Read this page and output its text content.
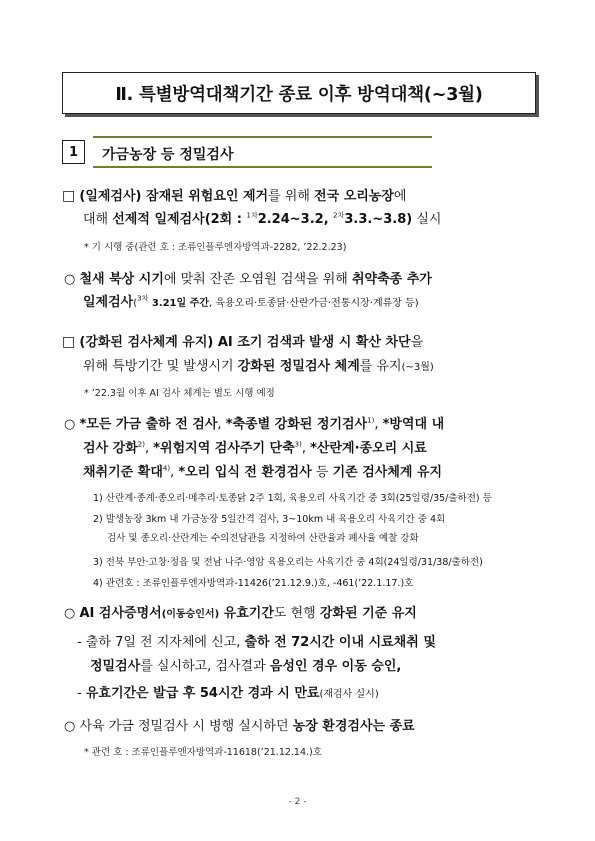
Ⅱ. 특별방역대책기간 종료 이후 방역대책(~3월)
1	가금농장 등 정밀검사
□ (일제검사) 잠재된 위험요인 제거를 위해 전국 오리농장에
대해 선제적 일제검사(2회 : $^{1차}$2.24~3.2, $^{2차}$3.3.~3.8) 실시
* 기 시행 중(관련 호 : 조류인플루엔자방역과-2282, ’22.2.23)
○ 철새 북상 시기에 맞춰 잔존 오염원 검색을 위해 취약축종 추가
일제검사($^{3차}$ 3.21일 주간, 육용오리·토종닭·산란가금·전통시장·계류장 등)
□ (강화된 검사체계 유지) AI 조기 검색과 발생 시 확산 차단을
위해 특방기간 및 발생시기 강화된 정밀검사 체계를 유지(~3월)
* ’22.3월 이후 AI 검사 체계는 별도 시행 예정
○ *모든 가금 출하 전 검사, *축종별 강화된 정기검사$^{1)}$, *방역대 내
검사 강화$^{2)}$, *위험지역 검사주기 단축$^{3)}$, *산란계·종오리 시료
채취기준 확대$^{4)}$, *오리 입식 전 환경검사 등 기존 검사체계 유지
1) 산란계·종계·종오리·메추리·토종닭 2주 1회, 육용오리 사육기간 중 3회(25일령/35/출하전) 등
2) 발생농장 3km 내 가금농장 5일간격 검사, 3~10km 내 육용오리 사육기간 중 4회
검사 및 종오리·산란계는 수의전담관을 지정하여 산란율과 폐사율 예찰 강화
3) 전북 부안·고창·정읍 및 전남 나주·영암 육용오리는 사육기간 중 4회(24일령/31/38/출하전)
4) 관련호 : 조류인플루엔자방역과-11426(’21.12.9.)호, -461(’22.1.17.)호
○ AI 검사증명서(이동승인서) 유효기간도 현행 강화된 기준 유지
- 출하 7일 전 지자체에 신고, 출하 전 72시간 이내 시료채취 및
정밀검사를 실시하고, 검사결과 음성인 경우 이동 승인,
- 유효기간은 발급 후 54시간 경과 시 만료(재검사 실시)
○ 사육 가금 정밀검사 시 병행 실시하던 농장 환경검사는 종료
* 관련 호 : 조류인플루엔자방역과-11618(’21.12.14.)호
- 2 -
